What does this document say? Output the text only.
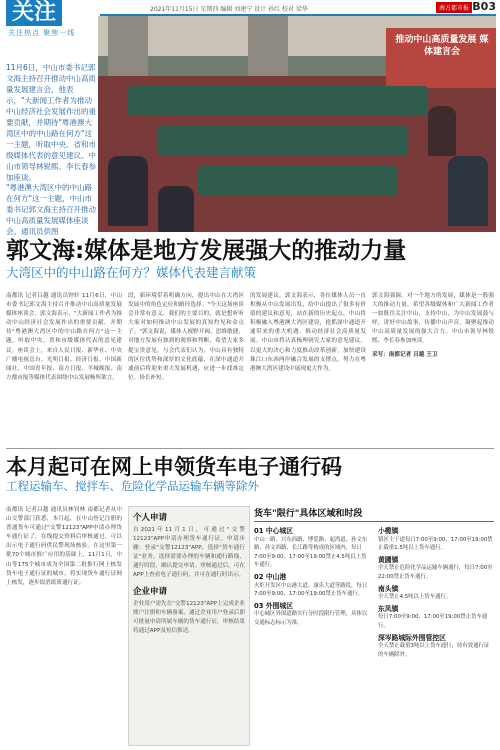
关注
关注热点 聚焦一线
2021年11月15日 星期四 编辑 刘建宁 设计 孙红 校对 梁华	南方都市报 B03
推动中山高质量发展 媒体建言会
11月6日，中山市委书记郭文海主持召开推动中山高质量发展建言会，他表示，"大新闻工作者为推动中山经济社会发展作出的重要贡献，并期待"粤港澳大湾区中的中山路在何方"这一主题，听取中央、省和市级媒体代表的意见建议。中山市领导林锐熙、李长春参加座谈。
"粤港澳大湾区中的中山路在何方"这一主题，中山市委书记郭文海主持召开推动中山高质量发展媒体座谈会。通讯员供图
郭文海:媒体是地方发展强大的推动力量
大湾区中的中山路在何方？媒体代表建言献策
南都讯 记者吕越 通讯员钟轩 11月6日，中山市委书记郭文海主持召开推动中山高质量发展媒体座谈会，郭文海表示，"大新闻工作者为推动中山经济社会发展作出的重要贡献，并期待"粤港澳大湾区中的中山路在何方"这一主题，听取中央、省和市级媒体代表的意见建议。座谈会上，来自人民日报、新华社、中央广播电视总台、光明日报、经济日报、中国新闻社、中国青年报、南方日报、羊城晚报、南方都市报等媒体代表围绕中山发展畅所欲言。
段，新环境带着明确方向，提出中山在大湾区发展中的角色定位和路径选择。"今天这场座谈会非常有意义，我们的主要目的，就是想听听大家对如何推动中山发展的真知灼见和金点子。"郭文海说，媒体人视野开阔、思维敏捷，对地方发展有独到的观察和判断，希望大家多提宝贵意见。与会代表们认为，中山具有独特的区位优势和深厚的文化底蕴，在深中通道开通前后将迎来重大发展机遇，应进一步找准定位、扬长补短。
的发展建议。郭文海表示，各位媒体人员一直积极从中山发展出发，给中山提出了很多有价值的建议和意见，站在新的历史起点，中山将积极融入粤港澳大湾区建设，抢抓深中通道开通带来的重大机遇，推动经济社会高质量发展。中山市将认真梳理研究大家的意见建议，以更大的决心和力度推动改革创新，加快建设珠江口东西两岸融合发展的支撑点，努力在粤港澳大湾区建设中展现更大作为。
郭文海强调，对一个地方的发展，媒体是一股强大的推动力量。希望各级媒体和广大新闻工作者一如既往关注中山，支持中山，为中山发展鼓与呼，讲好中山故事，传播中山声音，凝聚起推动中山高质量发展的强大合力。中山市领导林锐熙、李长春参加座谈。
采写：南都记者 吕越 王卫
本月起可在网上申领货车电子通行码
工程运输车、搅拌车、危险化学品运输车辆等除外
南都讯 记者吕越 通讯员林钊林 南都记者从中山交警部门获悉，本月起，在中山登记注册的普通货车可通过"交警12123"APP申请办理货车通行证了，在线提交资料后审核通过，可以出示电子通行码供民警现场核验。在这里第一批70个城市推广应用的基础上，11月1日，中山等175个城市成为全国第二批推行网上核发货车电子通行证的城市，将实现货车通行证网上核发，逐步取消纸质通行证。
个人申请
自2021年11月1日，可通过"交警12123"APP申请办理货车通行证。申请步骤：登录"交警12123"APP，选择"货车通行证"业务，选择需要办理的车辆和通行路线、通行时段，确认提交申请。审核通过后，可在APP上查看电子通行码，并可在通行时出示。
企业申请
企业用户需先在"交警12123"APP上完成企业账户注册和车辆备案，通过企业用户登录后即可批量申请所属车辆的货车通行证，审核结果将通过APP及短信推送。
货车"限行"具体区域和时段
01 中心城区
中山一路、兴东西路、博爱路、起湾道、孙文东路、孙文西路、长江路等构成的区域内，每日7:00至9:00、17:00至19:00禁止4.5吨以上货车通行。
02 中山港
火炬开发区中山港大道、康乐大道等路段，每日7:00至9:00、17:00至19:00禁止货车通行。
03 外围城区
中心城区外围道路实行分时段限行管理，具体以交通标志标示为准。
小榄镇
镇区主干道每日7:00至9:00、17:00至19:00禁止载重1.5吨以上货车通行。
黄圃镇
全天禁止危险化学品运输车辆通行，每日7:00至22:00禁止货车通行。
南头镇
全天禁止4.5吨以上货车通行。
东凤镇
每日7:00至9:00、17:00至19:00禁止货车通行。
深岑路城际外围管控区
全天禁止载重3吨以上货车通行，持有效通行证的车辆除外。
